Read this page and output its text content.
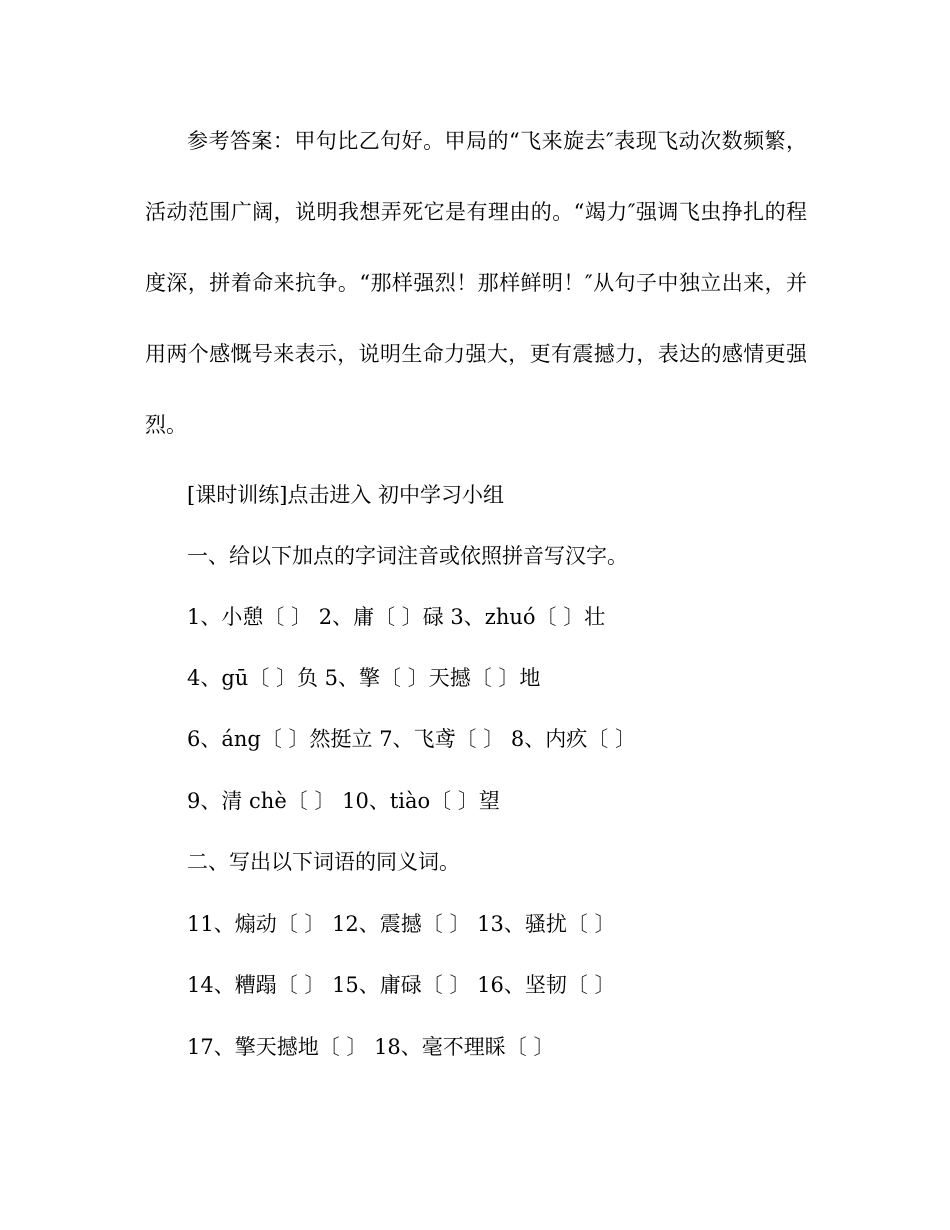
参考答案：甲句比乙句好。甲局的“飞来旋去″表现飞动次数频繁，活动范围广阔，说明我想弄死它是有理由的。“竭力″强调飞虫挣扎的程度深，拼着命来抗争。“那样强烈！那样鲜明！″从句子中独立出来，并用两个感慨号来表示，说明生命力强大，更有震撼力，表达的感情更强烈。

[课时训练]点击进入 初中学习小组

一、给以下加点的字词注音或依照拼音写汉字。

1、小憩〔 〕 2、庸〔 〕碌 3、zhuó〔 〕壮

4、gū〔 〕负 5、擎〔 〕天撼〔 〕地

6、áng〔 〕然挺立 7、飞鸢〔 〕 8、内疚〔 〕

9、清 chè〔 〕 10、tiào〔 〕望

二、写出以下词语的同义词。

11、煽动〔 〕 12、震撼〔 〕 13、骚扰〔 〕

14、糟蹋〔 〕 15、庸碌〔 〕 16、坚韧〔 〕

17、擎天撼地〔 〕 18、毫不理睬〔 〕
